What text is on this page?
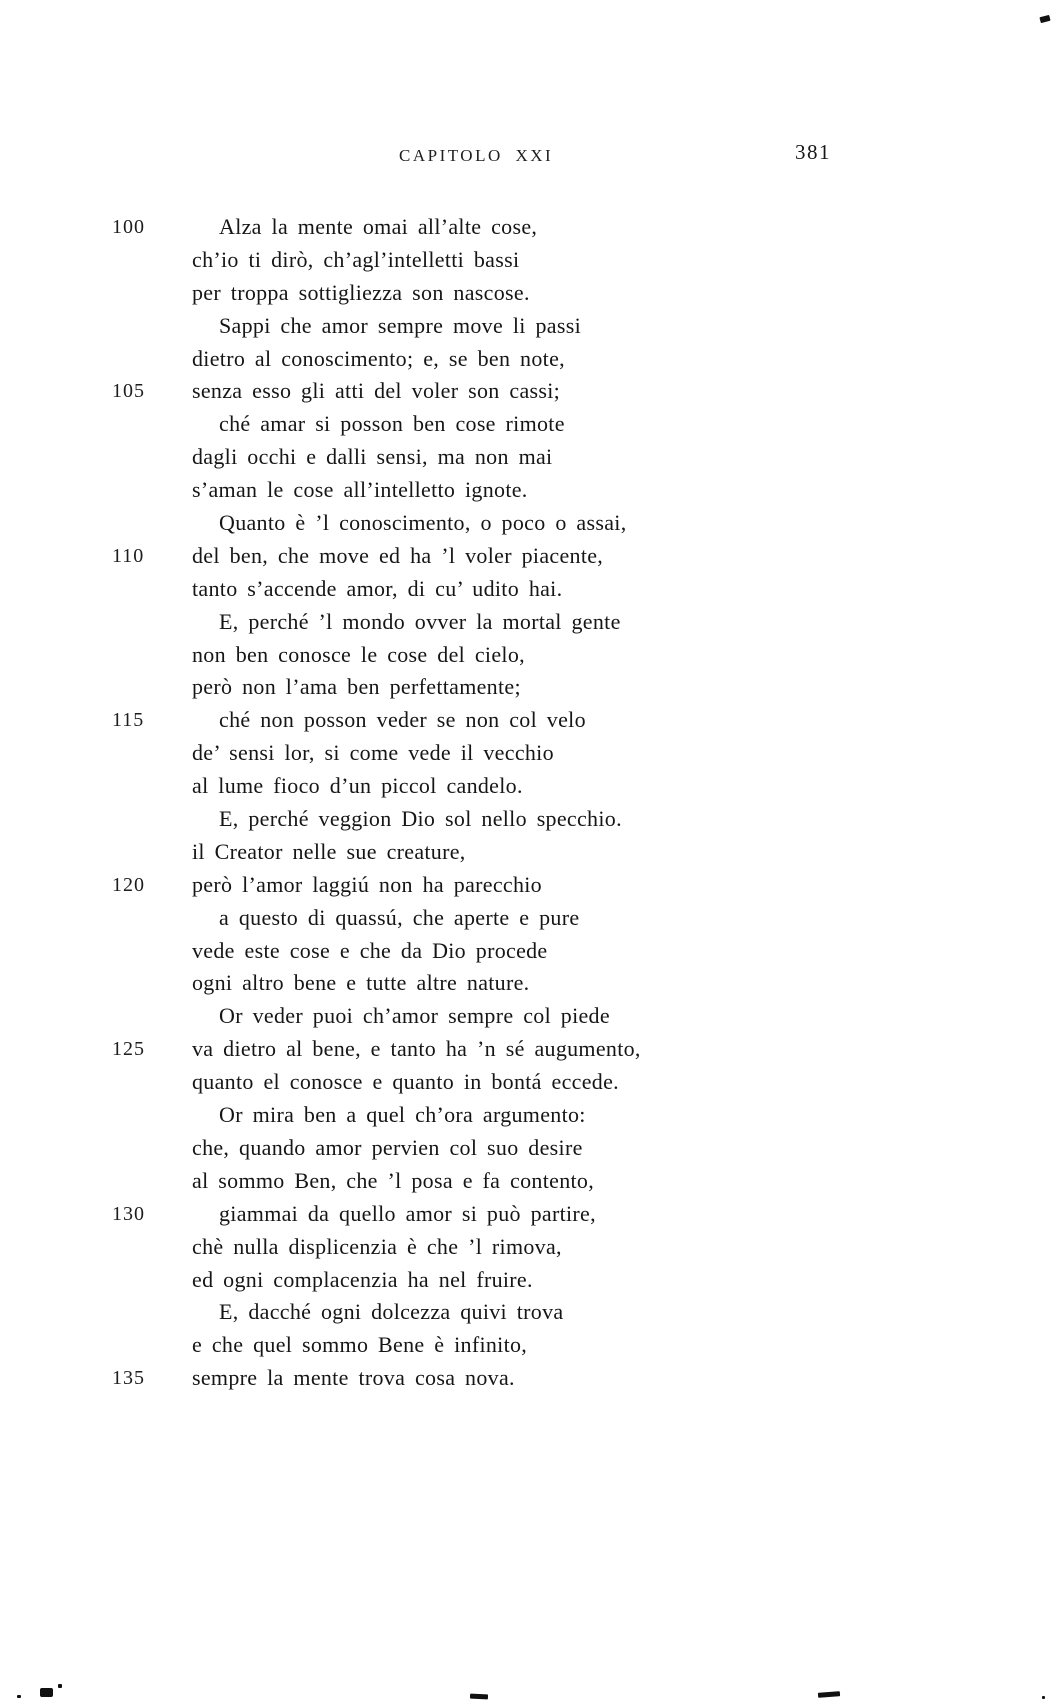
CAPITOLO XXI	381
100	Alza la mente omai all’alte cose,
ch’io ti dirò, ch’agl’intelletti bassi
per troppa sottigliezza son nascose.
Sappi che amor sempre move li passi
dietro al conoscimento; e, se ben note,
105 senza esso gli atti del voler son cassi;
ché amar si posson ben cose rimote
dagli occhi e dalli sensi, ma non mai
s’aman le cose all’intelletto ignote.
Quanto è ’l conoscimento, o poco o assai,
110 del ben, che move ed ha ’l voler piacente,
tanto s’accende amor, di cu’ udito hai.
E, perché ’l mondo ovver la mortal gente
non ben conosce le cose del cielo,
però non l’ama ben perfettamente;
115	ché non posson veder se non col velo
de’ sensi lor, si come vede il vecchio
al lume fioco d’un piccol candelo.
E, perché veggion Dio sol nello specchio.
il Creator nelle sue creature,
120 però l’amor laggiú non ha parecchio
a questo di quassú, che aperte e pure
vede este cose e che da Dio procede
ogni altro bene e tutte altre nature.
Or veder puoi ch’amor sempre col piede
125 va dietro al bene, e tanto ha ’n sé augumento,
quanto el conosce e quanto in bontá eccede.
Or mira ben a quel ch’ora argumento:
che, quando amor pervien col suo desire
al sommo Ben, che ’l posa e fa contento,
130	giammai da quello amor si può partire,
chè nulla displicenzia è che ’l rimova,
ed ogni complacenzia ha nel fruire.
E, dacché ogni dolcezza quivi trova
e che quel sommo Bene è infinito,
135 sempre la mente trova cosa nova.
